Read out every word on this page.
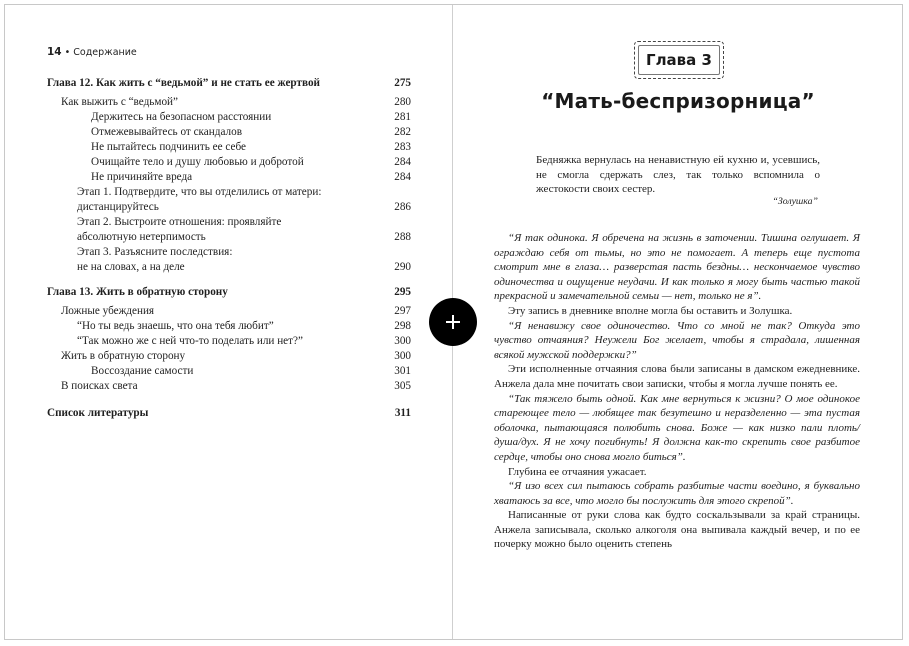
14 • Содержание
Глава 12. Как жить с “ведьмой” и не стать ее жертвой	275
Как выжить с “ведьмой”	280
Держитесь на безопасном расстоянии	281
Отмежевывайтесь от скандалов	282
Не пытайтесь подчинить ее себе	283
Очищайте тело и душу любовью и добротой	284
Не причиняйте вреда	284
Этап 1. Подтвердите, что вы отделились от матери:
дистанцируйтесь	286
Этап 2. Выстроите отношения: проявляйте
абсолютную нетерпимость	288
Этап 3. Разъясните последствия:
не на словах, а на деле	290
Глава 13. Жить в обратную сторону	295
Ложные убеждения	297
“Но ты ведь знаешь, что она тебя любит”	298
“Так можно же с ней что-то поделать или нет?”	300
Жить в обратную сторону	300
Воссоздание самости	301
В поисках света	305
Список литературы	311
Глава 3
“Мать-беспризорница”
Бедняжка вернулась на ненавистную ей кухню и, усевшись, не смогла сдержать слез, так только вспомнила о жестокости своих сестер.
“Золушка”

“Я так одинока. Я обречена на жизнь в заточении. Тишина оглушает. Я ограждаю себя от тьмы, но это не помогает. А теперь еще пустота смотрит мне в глаза… разверстая пасть бездны… нескончаемое чувство одиночества и ощущение неудачи. И как только я могу быть частью такой прекрасной и замечательной семьи — нет, только не я”.

Эту запись в дневнике вполне могла бы оставить и Золушка.

“Я ненавижу свое одиночество. Что со мной не так? Откуда это чувство отчаяния? Неужели Бог желает, чтобы я страдала, лишенная всякой мужской поддержки?”

Эти исполненные отчаяния слова были записаны в дамском ежедневнике. Анжела дала мне почитать свои записки, чтобы я могла лучше понять ее.

“Так тяжело быть одной. Как мне вернуться к жизни? О мое одинокое стареющее тело — любящее так безутешно и неразделенно — эта пустая оболочка, пытающаяся полюбить снова. Боже — как низко пали плоть/душа/дух. Я не хочу погибнуть! Я должна как-то скрепить свое разбитое сердце, чтобы оно снова могло биться”.

Глубина ее отчаяния ужасает.

“Я изо всех сил пытаюсь собрать разбитые части воедино, я буквально хватаюсь за все, что могло бы послужить для этого скрепой”.

Написанные от руки слова как будто соскальзывали за край страницы. Анжела записывала, сколько алкоголя она выпивала каждый вечер, и по ее почерку можно было оценить степень
